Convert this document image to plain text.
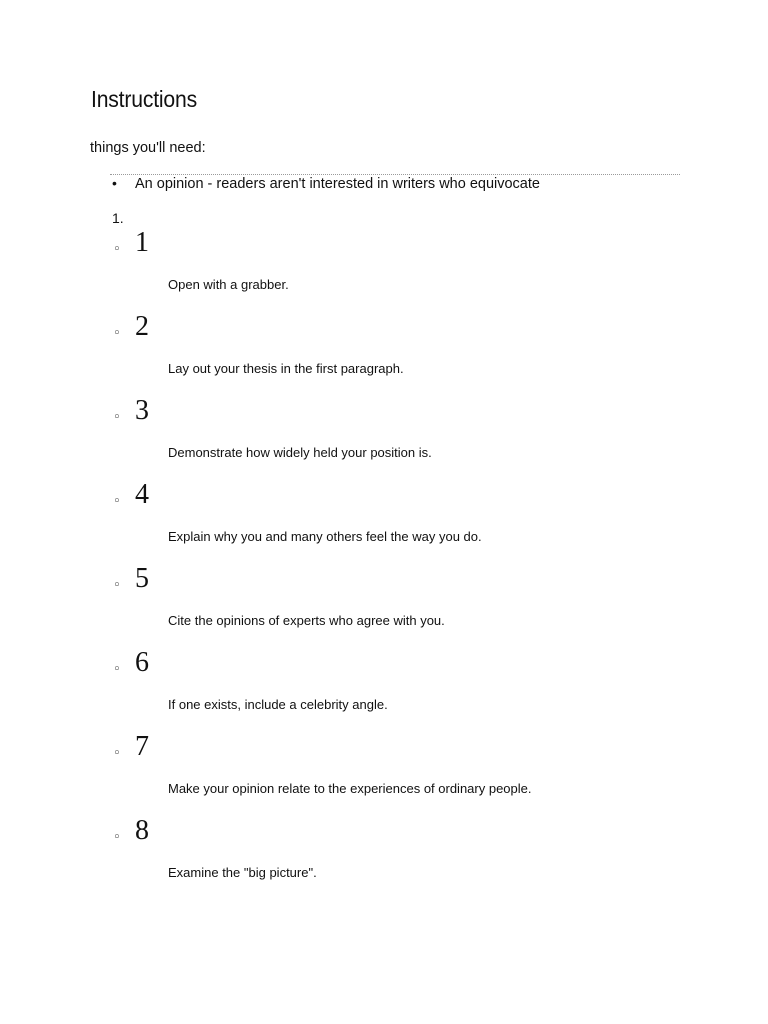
Instructions

things you'll need:

• An opinion - readers aren't interested in writers who equivocate

1.

◦ 1
Open with a grabber.
◦ 2
Lay out your thesis in the first paragraph.
◦ 3
Demonstrate how widely held your position is.
◦ 4
Explain why you and many others feel the way you do.
◦ 5
Cite the opinions of experts who agree with you.
◦ 6
If one exists, include a celebrity angle.
◦ 7
Make your opinion relate to the experiences of ordinary people.
◦ 8
Examine the "big picture".
